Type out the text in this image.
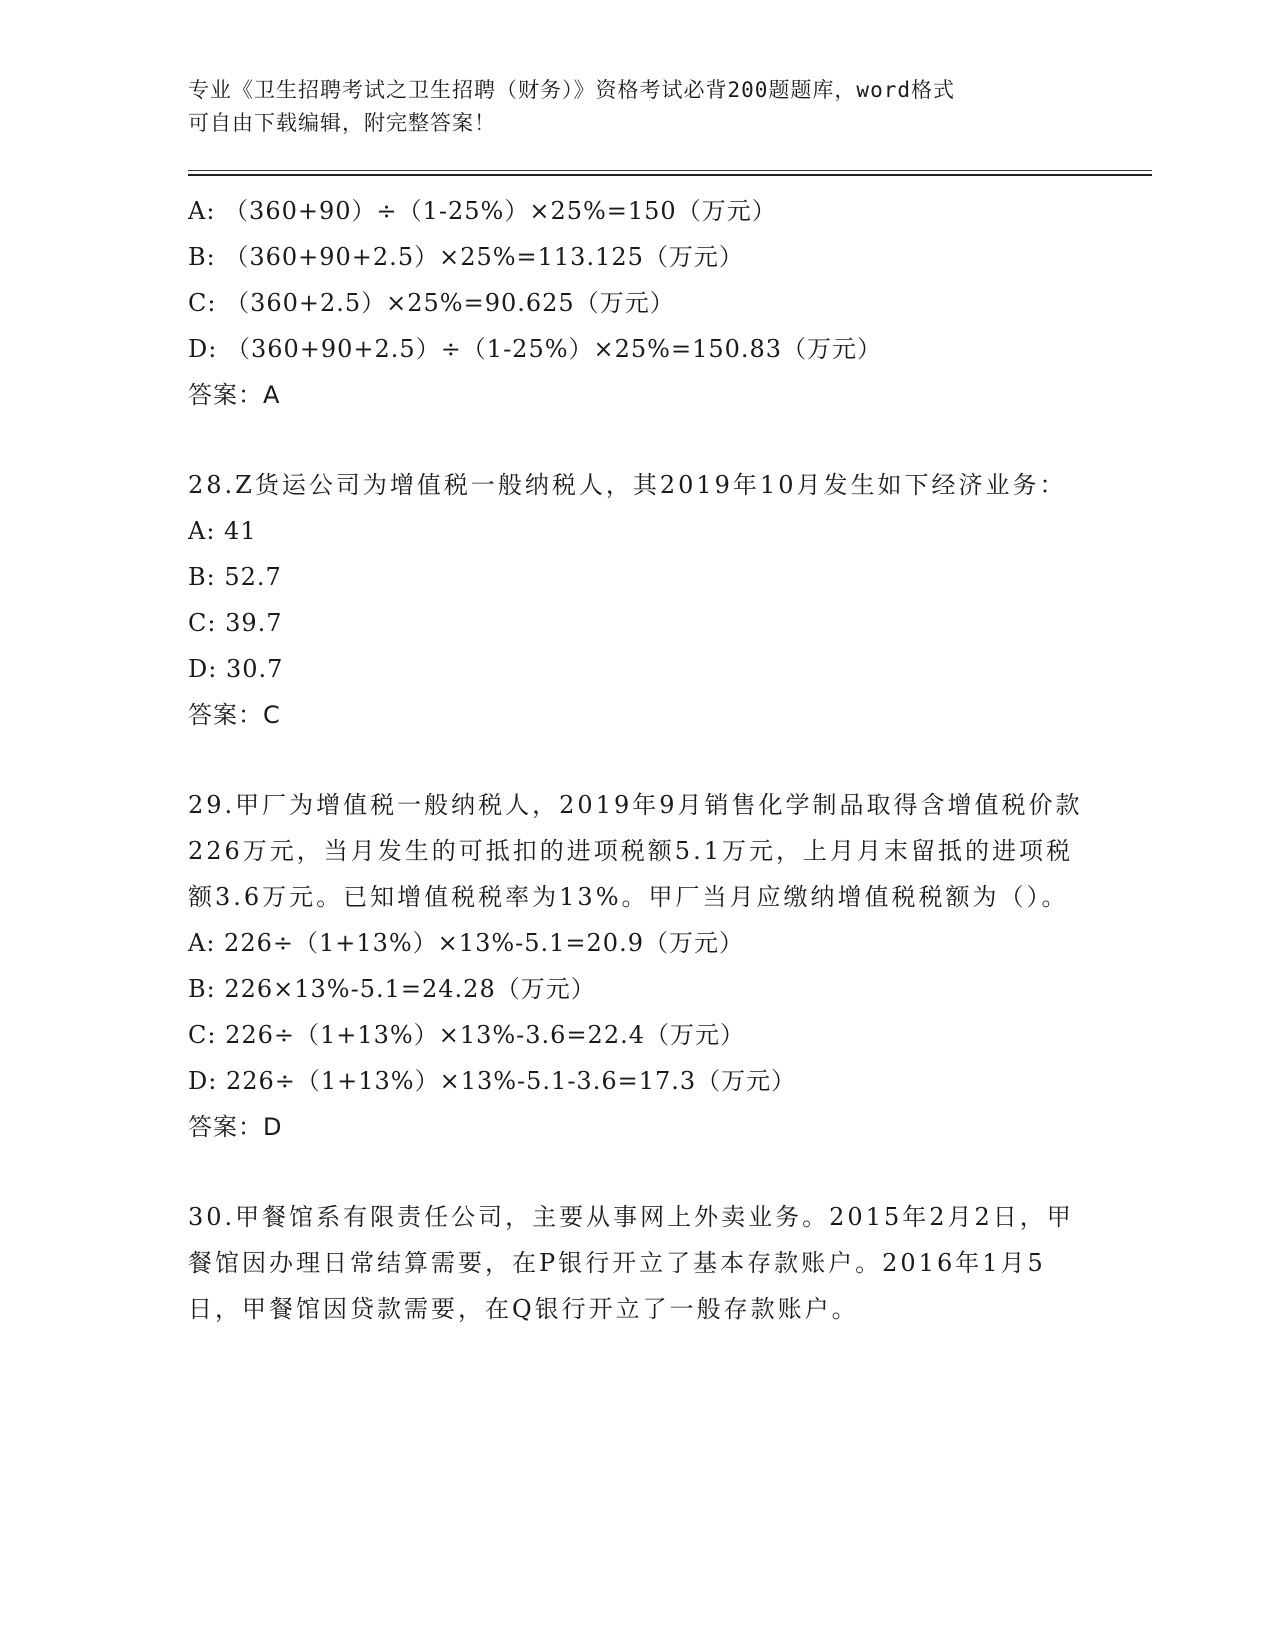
专业《卫生招聘考试之卫生招聘（财务）》资格考试必背200题题库，word格式
可自由下载编辑，附完整答案！
A: （360+90）÷（1-25%）×25%=150（万元）
B: （360+90+2.5）×25%=113.125（万元）
C: （360+2.5）×25%=90.625（万元）
D: （360+90+2.5）÷（1-25%）×25%=150.83（万元）
答案：A
28.Z货运公司为增值税一般纳税人，其2019年10月发生如下经济业务：
A: 41
B: 52.7
C: 39.7
D: 30.7
答案：C
29.甲厂为增值税一般纳税人，2019年9月销售化学制品取得含增值税价款226万元，当月发生的可抵扣的进项税额5.1万元，上月月末留抵的进项税额3.6万元。已知增值税税率为13%。甲厂当月应缴纳增值税税额为（）。
A: 226÷（1+13%）×13%-5.1=20.9（万元）
B: 226×13%-5.1=24.28（万元）
C: 226÷（1+13%）×13%-3.6=22.4（万元）
D: 226÷（1+13%）×13%-5.1-3.6=17.3（万元）
答案：D
30.甲餐馆系有限责任公司，主要从事网上外卖业务。2015年2月2日，甲餐馆因办理日常结算需要，在P银行开立了基本存款账户。2016年1月5日，甲餐馆因贷款需要，在Q银行开立了一般存款账户。
